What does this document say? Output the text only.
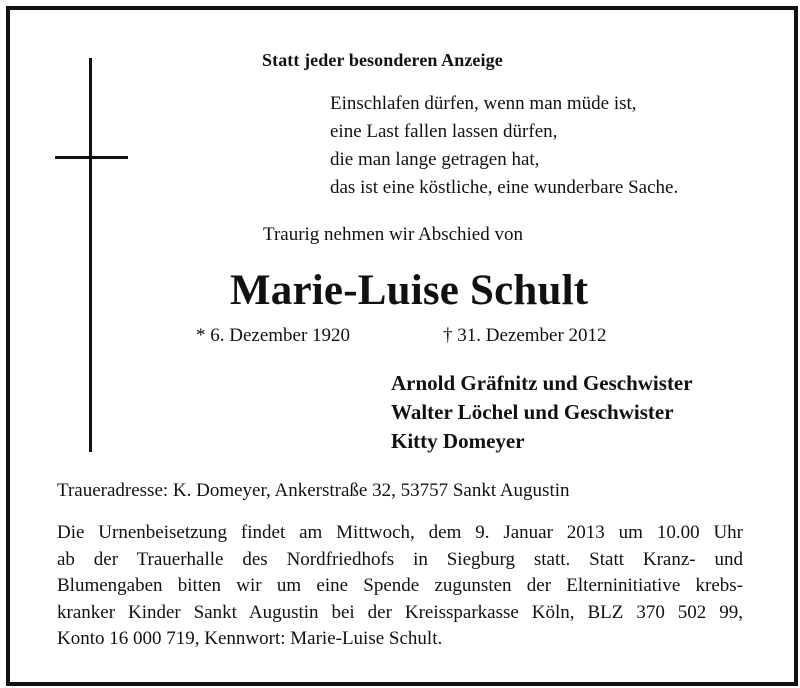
Statt jeder besonderen Anzeige
Einschlafen dürfen, wenn man müde ist,
eine Last fallen lassen dürfen,
die man lange getragen hat,
das ist eine köstliche, eine wunderbare Sache.
Traurig nehmen wir Abschied von
Marie-Luise Schult
* 6. Dezember 1920	† 31. Dezember 2012
Arnold Gräfnitz und Geschwister
Walter Löchel und Geschwister
Kitty Domeyer
Traueradresse: K. Domeyer, Ankerstraße 32, 53757 Sankt Augustin
Die Urnenbeisetzung findet am Mittwoch, dem 9. Januar 2013 um 10.00 Uhr
ab der Trauerhalle des Nordfriedhofs in Siegburg statt. Statt Kranz- und
Blumengaben bitten wir um eine Spende zugunsten der Elterninitiative krebs-
kranker Kinder Sankt Augustin bei der Kreissparkasse Köln, BLZ 370 502 99,
Konto 16 000 719, Kennwort: Marie-Luise Schult.
